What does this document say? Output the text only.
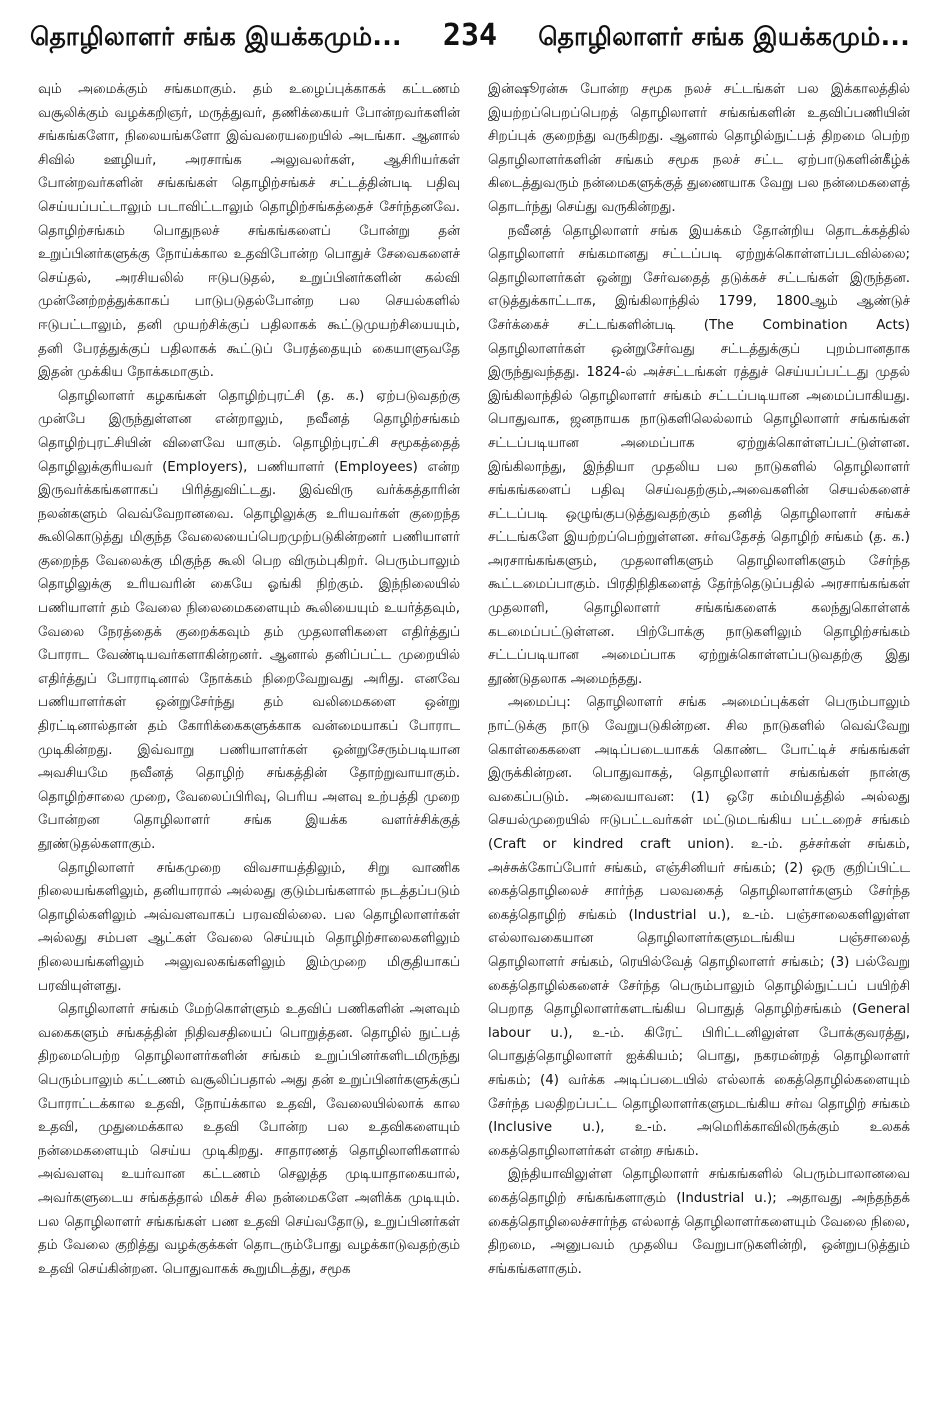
தொழிலாளர் சங்க இயக்கமும்...	234	தொழிலாளர் சங்க இயக்கமும்...

வும் அமைக்கும் சங்கமாகும். தம் உழைப்புக்காகக் கட்டணம் வசூலிக்கும் வழக்கறிஞர், மருத்துவர், தணிக்கையர் போன்றவர்களின் சங்கங்களோ, நிலையங்களோ இவ்வரையறையில் அடங்கா. ஆனால் சிவில் ஊழியர், அரசாங்க அலுவலர்கள், ஆசிரியர்கள் போன்றவர்களின் சங்கங்கள் தொழிற்சங்கச் சட்டத்தின்படி பதிவு செய்யப்பட்டாலும் படாவிட்டாலும் தொழிற்சங்கத்தைச் சேர்ந்தனவே. தொழிற்சங்கம் பொதுநலச் சங்கங்களைப் போன்று தன் உறுப்பினர்களுக்கு நோய்க்கால உதவிபோன்ற பொதுச் சேவைகளைச் செய்தல், அரசியலில் ஈடுபடுதல், உறுப்பினர்களின் கல்வி முன்னேற்றத்துக்காகப் பாடுபடுதல்போன்ற பல செயல்களில் ஈடுபட்டாலும், தனி முயற்சிக்குப் பதிலாகக் கூட்டுமுயற்சியையும், தனி பேரத்துக்குப் பதிலாகக் கூட்டுப் பேரத்தையும் கையாளுவதே இதன் முக்கிய நோக்கமாகும்.

தொழிலாளர் கழகங்கள் தொழிற்புரட்சி (த. க.) ஏற்படுவதற்கு முன்பே இருந்துள்ளன என்றாலும், நவீனத் தொழிற்சங்கம் தொழிற்புரட்சியின் விளைவே யாகும். தொழிற்புரட்சி சமூகத்தைத் தொழிலுக்குரியவர் (Employers), பணியாளர் (Employees) என்ற இருவர்க்கங்களாகப் பிரித்துவிட்டது. இவ்விரு வர்க்கத்தாரின் நலன்களும் வெவ்வேறானவை. தொழிலுக்கு உரியவர்கள் குறைந்த கூலிகொடுத்து மிகுந்த வேலையைப்பெறமுற்படுகின்றனர் பணியாளர் குறைந்த வேலைக்கு மிகுந்த கூலி பெற விரும்புகிறர். பெரும்பாலும் தொழிலுக்கு உரியவரின் கையே ஓங்கி நிற்கும். இந்நிலையில் பணியாளர் தம் வேலை நிலைமைகளையும் கூலியையும் உயர்த்தவும், வேலை நேரத்தைக் குறைக்கவும் தம் முதலாளிகளை எதிர்த்துப் போராட வேண்டியவர்களாகின்றனர். ஆனால் தனிப்பட்ட முறையில் எதிர்த்துப் போராடினால் நோக்கம் நிறைவேறுவது அரிது. எனவே பணியாளர்கள் ஒன்றுசேர்ந்து தம் வலிமைகளை ஒன்று திரட்டினால்தான் தம் கோரிக்கைகளுக்காக வன்மையாகப் போராட முடிகின்றது. இவ்வாறு பணியாளர்கள் ஒன்றுசேரும்படியான அவசியமே நவீனத் தொழிற் சங்கத்தின் தோற்றுவாயாகும். தொழிற்சாலை முறை, வேலைப்பிரிவு, பெரிய அளவு உற்பத்தி முறை போன்றன தொழிலாளர் சங்க இயக்க வளர்ச்சிக்குத் தூண்டுதல்களாகும்.

தொழிலாளர் சங்கமுறை விவசாயத்திலும், சிறு வாணிக நிலையங்களிலும், தனியாரால் அல்லது குடும்பங்களால் நடத்தப்படும் தொழில்களிலும் அவ்வளவாகப் பரவவில்லை. பல தொழிலாளர்கள் அல்லது சம்பள ஆட்கள் வேலை செய்யும் தொழிற்சாலைகளிலும் நிலையங்களிலும் அலுவலகங்களிலும் இம்முறை மிகுதியாகப் பரவியுள்ளது.

தொழிலாளர் சங்கம் மேற்கொள்ளும் உதவிப் பணிகளின் அளவும் வகைகளும் சங்கத்தின் நிதிவசதியைப் பொறுத்தன. தொழில் நுட்பத் திறமைபெற்ற தொழிலாளர்களின் சங்கம் உறுப்பினர்களிடமிருந்து பெரும்பாலும் கட்டணம் வசூலிப்பதால் அது தன் உறுப்பினர்களுக்குப் போராட்டக்கால உதவி, நோய்க்கால உதவி, வேலையில்லாக் கால உதவி, முதுமைக்கால உதவி போன்ற பல உதவிகளையும் நன்மைகளையும் செய்ய முடிகிறது. சாதாரணத் தொழிலாளிகளால் அவ்வளவு உயர்வான கட்டணம் செலுத்த முடியாதாகையால், அவர்களுடைய சங்கத்தால் மிகச் சில நன்மைகளே அளிக்க முடியும். பல தொழிலாளர் சங்கங்கள் பண உதவி செய்வதோடு, உறுப்பினர்கள் தம் வேலை குறித்து வழக்குக்கள் தொடரும்போது வழக்காடுவதற்கும் உதவி செய்கின்றன. பொதுவாகக் கூறுமிடத்து, சமூக

இன்ஷூரன்சு போன்ற சமூக நலச் சட்டங்கள் பல இக்காலத்தில் இயற்றப்பெறப்பெறத் தொழிலாளர் சங்கங்களின் உதவிப்பணியின் சிறப்புக் குறைந்து வருகிறது. ஆனால் தொழில்நுட்பத் திறமை பெற்ற தொழிலாளர்களின் சங்கம் சமூக நலச் சட்ட ஏற்பாடுகளின்கீழ்க் கிடைத்துவரும் நன்மைகளுக்குத் துணையாக வேறு பல நன்மைகளைத் தொடர்ந்து செய்து வருகின்றது.

நவீனத் தொழிலாளர் சங்க இயக்கம் தோன்றிய தொடக்கத்தில் தொழிலாளர் சங்கமானது சட்டப்படி ஏற்றுக்கொள்ளப்படவில்லை; தொழிலாளர்கள் ஒன்று சேர்வதைத் தடுக்கச் சட்டங்கள் இருந்தன. எடுத்துக்காட்டாக, இங்கிலாந்தில் 1799, 1800ஆம் ஆண்டுச் சேர்க்கைச் சட்டங்களின்படி (The Combination Acts) தொழிலாளர்கள் ஒன்றுசேர்வது சட்டத்துக்குப் புறம்பானதாக இருந்துவந்தது. 1824-ல் அச்சட்டங்கள் ரத்துச் செய்யப்பட்டது முதல் இங்கிலாந்தில் தொழிலாளர் சங்கம் சட்டப்படியான அமைப்பாகியது. பொதுவாக, ஜனநாயக நாடுகளிலெல்லாம் தொழிலாளர் சங்கங்கள் சட்டப்படியான அமைப்பாக ஏற்றுக்கொள்ளப்பட்டுள்ளன. இங்கிலாந்து, இந்தியா முதலிய பல நாடுகளில் தொழிலாளர் சங்கங்களைப் பதிவு செய்வதற்கும்,அவைகளின் செயல்களைச் சட்டப்படி ஒழுங்குபடுத்துவதற்கும் தனித் தொழிலாளர் சங்கச் சட்டங்களே இயற்றப்பெற்றுள்ளன. சர்வதேசத் தொழிற் சங்கம் (த. க.) அரசாங்கங்களும், முதலாளிகளும் தொழிலாளிகளும் சேர்ந்த கூட்டமைப்பாகும். பிரதிநிதிகளைத் தேர்ந்தெடுப்பதில் அரசாங்கங்கள் முதலாளி, தொழிலாளர் சங்கங்களைக் கலந்துகொள்ளக் கடமைப்பட்டுள்ளன. பிற்போக்கு நாடுகளிலும் தொழிற்சங்கம் சட்டப்படியான அமைப்பாக ஏற்றுக்கொள்ளப்படுவதற்கு இது தூண்டுதலாக அமைந்தது.

அமைப்பு: தொழிலாளர் சங்க அமைப்புக்கள் பெரும்பாலும் நாட்டுக்கு நாடு வேறுபடுகின்றன. சில நாடுகளில் வெவ்வேறு கொள்கைகளை அடிப்படையாகக் கொண்ட போட்டிச் சங்கங்கள் இருக்கின்றன. பொதுவாகத், தொழிலாளர் சங்கங்கள் நான்கு வகைப்படும். அவையாவன: (1) ஒரே கம்மியத்தில் அல்லது செயல்முறையில் ஈடுபட்டவர்கள் மட்டுமடங்கிய பட்டறைச் சங்கம் (Craft or kindred craft union). உ-ம். தச்சர்கள் சங்கம், அச்சுக்கோப்போர் சங்கம், எஞ்சினியர் சங்கம்; (2) ஒரு குறிப்பிட்ட கைத்தொழிலைச் சார்ந்த பலவகைத் தொழிலாளர்களும் சேர்ந்த கைத்தொழிற் சங்கம் (Industrial u.), உ-ம். பஞ்சாலைகளிலுள்ள எல்லாவகையான தொழிலாளர்களுமடங்கிய பஞ்சாலைத் தொழிலாளர் சங்கம், ரெயில்வேத் தொழிலாளர் சங்கம்; (3) பல்வேறு கைத்தொழில்களைச் சேர்ந்த பெரும்பாலும் தொழில்நுட்பப் பயிற்சி பெறாத தொழிலாளர்களடங்கிய பொதுத் தொழிற்சங்கம் (General labour u.), உ-ம். கிரேட் பிரிட்டனிலுள்ள போக்குவரத்து, பொதுத்தொழிலாளர் ஐக்கியம்; பொது, நகரமன்றத் தொழிலாளர் சங்கம்; (4) வர்க்க அடிப்படையில் எல்லாக் கைத்தொழில்களையும் சேர்ந்த பலதிறப்பட்ட தொழிலாளர்களுமடங்கிய சர்வ தொழிற் சங்கம் (Inclusive u.), உ-ம். அமெரிக்காவிலிருக்கும் உலகக் கைத்தொழிலாளர்கள் என்ற சங்கம்.

இந்தியாவிலுள்ள தொழிலாளர் சங்கங்களில் பெரும்பாலானவை கைத்தொழிற் சங்கங்களாகும் (Industrial u.); அதாவது அந்தந்தக் கைத்தொழிலைச்சார்ந்த எல்லாத் தொழிலாளர்களையும் வேலை நிலை, திறமை, அனுபவம் முதலிய வேறுபாடுகளின்றி, ஒன்றுபடுத்தும் சங்கங்களாகும்.
